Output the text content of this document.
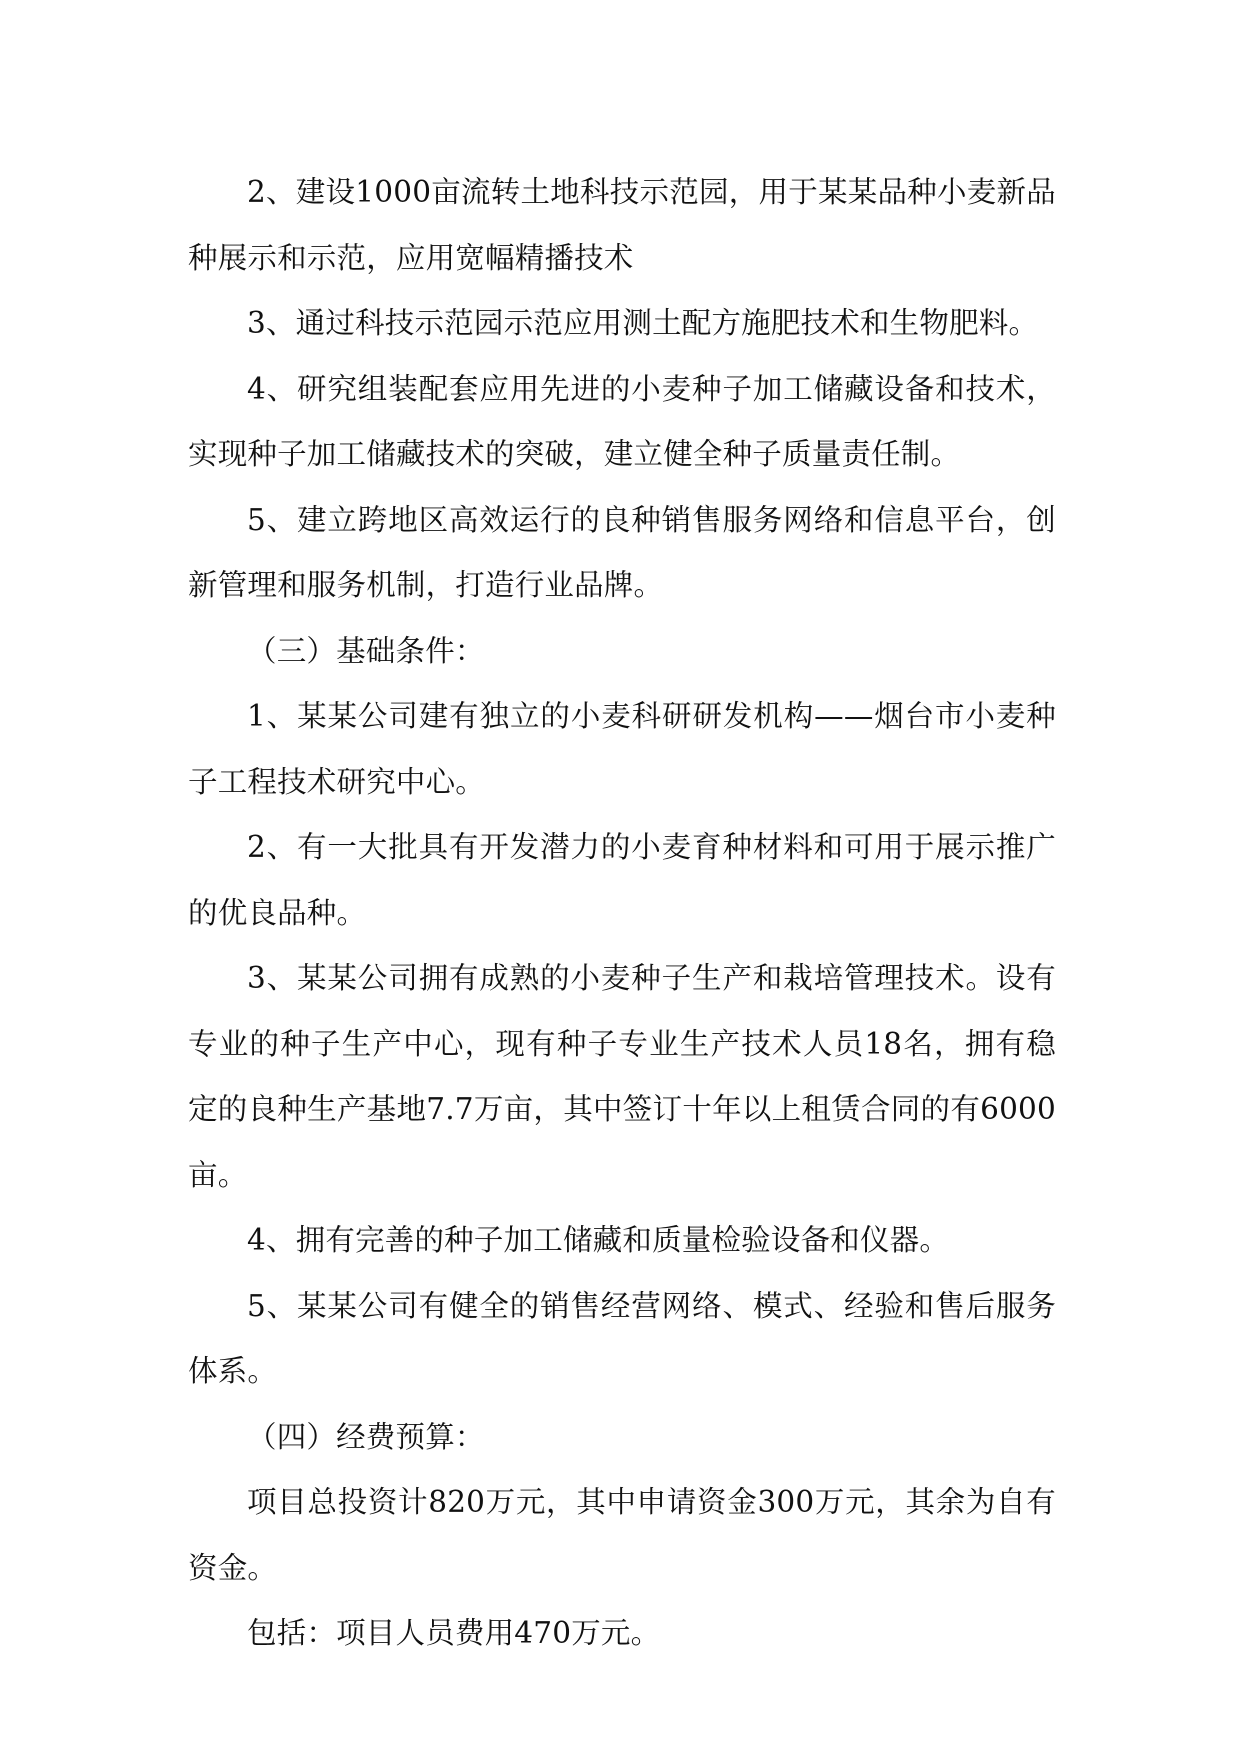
2、建设1000亩流转土地科技示范园，用于某某品种小麦新品种展示和示范，应用宽幅精播技术

3、通过科技示范园示范应用测土配方施肥技术和生物肥料。

4、研究组装配套应用先进的小麦种子加工储藏设备和技术，实现种子加工储藏技术的突破，建立健全种子质量责任制。

5、建立跨地区高效运行的良种销售服务网络和信息平台，创新管理和服务机制，打造行业品牌。

（三）基础条件：

1、某某公司建有独立的小麦科研研发机构——烟台市小麦种子工程技术研究中心。

2、有一大批具有开发潜力的小麦育种材料和可用于展示推广的优良品种。

3、某某公司拥有成熟的小麦种子生产和栽培管理技术。设有专业的种子生产中心，现有种子专业生产技术人员18名，拥有稳定的良种生产基地7.7万亩，其中签订十年以上租赁合同的有6000亩。

4、拥有完善的种子加工储藏和质量检验设备和仪器。

5、某某公司有健全的销售经营网络、模式、经验和售后服务体系。

（四）经费预算：

项目总投资计820万元，其中申请资金300万元，其余为自有资金。

包括：项目人员费用470万元。
